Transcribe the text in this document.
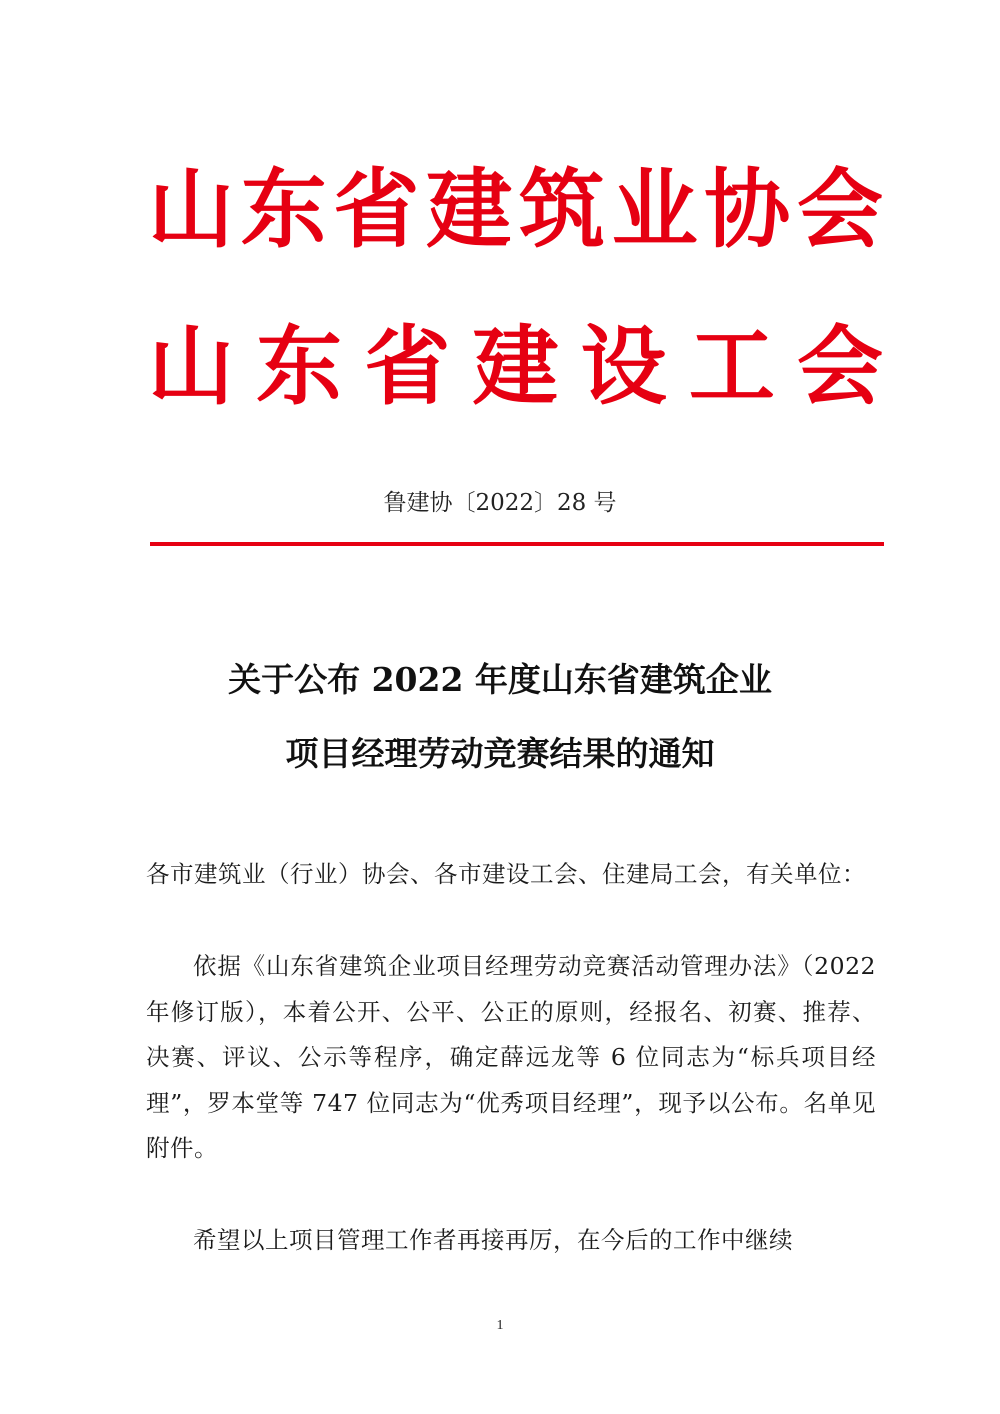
山东省建筑业协会
山东省建设工会
鲁建协〔2022〕28 号
关于公布 2022 年度山东省建筑企业
项目经理劳动竞赛结果的通知
各市建筑业（行业）协会、各市建设工会、住建局工会，有关单位：
依据《山东省建筑企业项目经理劳动竞赛活动管理办法》（2022 年修订版），本着公开、公平、公正的原则，经报名、初赛、推荐、决赛、评议、公示等程序，确定薛远龙等 6 位同志为“标兵项目经理”，罗本堂等 747 位同志为“优秀项目经理”，现予以公布。名单见附件。
希望以上项目管理工作者再接再厉，在今后的工作中继续
1
